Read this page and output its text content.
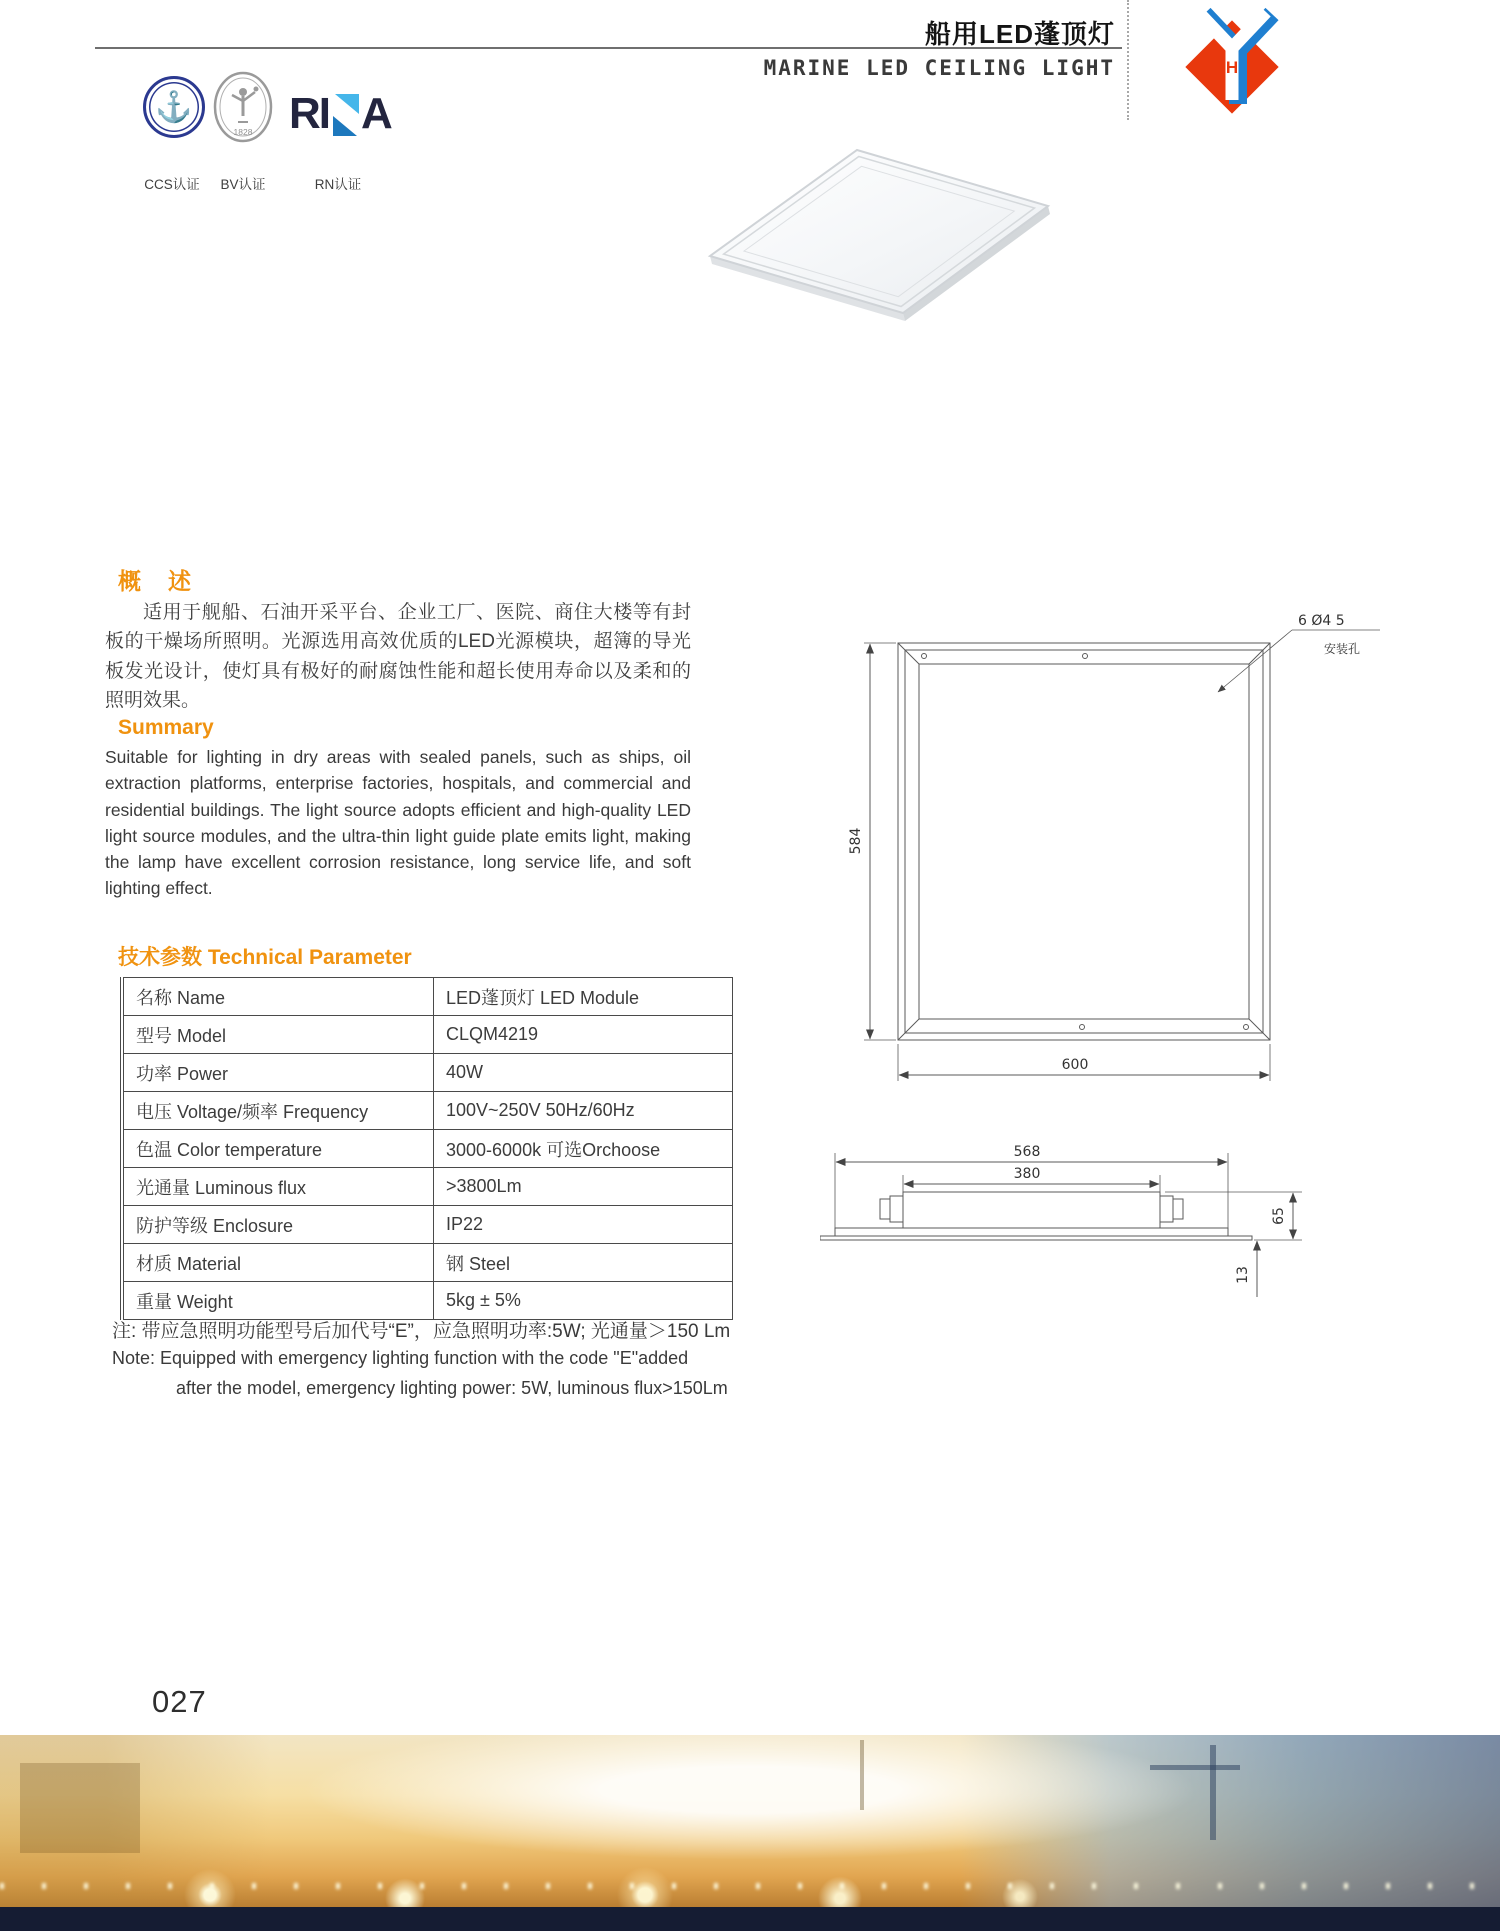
船用LED蓬顶灯
MARINE LED CEILING LIGHT	H
⚓
1828 RI A
CCS认证	BV认证	RN认证
概　述
适用于舰船、石油开采平台、企业工厂、医院、商住大楼等有封板的干燥场所照明。光源选用高效优质的LED光源模块，超簿的导光板发光设计，使灯具有极好的耐腐蚀性能和超长使用寿命以及柔和的照明效果。
Summary
Suitable for lighting in dry areas with sealed panels, such as ships, oil extraction platforms, enterprise factories, hospitals, and commercial and residential buildings. The light source adopts efficient and high-quality LED light source modules, and the ultra-thin light guide plate emits light, making the lamp have excellent corrosion resistance, long service life, and soft lighting effect.
技术参数 Technical Parameter
名称 Name	LED蓬顶灯 LED Module
型号 Model	CLQM4219
功率 Power	40W
电压 Voltage/频率 Frequency	100V~250V 50Hz/60Hz
色温 Color temperature	3000-6000k 可选Orchoose
光通量 Luminous flux	>3800Lm
防护等级 Enclosure	IP22
材质 Material	钢 Steel
重量 Weight	5kg ± 5%
注: 带应急照明功能型号后加代号“E”，应急照明功率:5W; 光通量＞150 Lm
Note: Equipped with emergency lighting function with the code "E"added
after the model, emergency lighting power: 5W, luminous flux>150Lm
584
600
6 Ø4 5
安装孔
568
380
65
13
027
